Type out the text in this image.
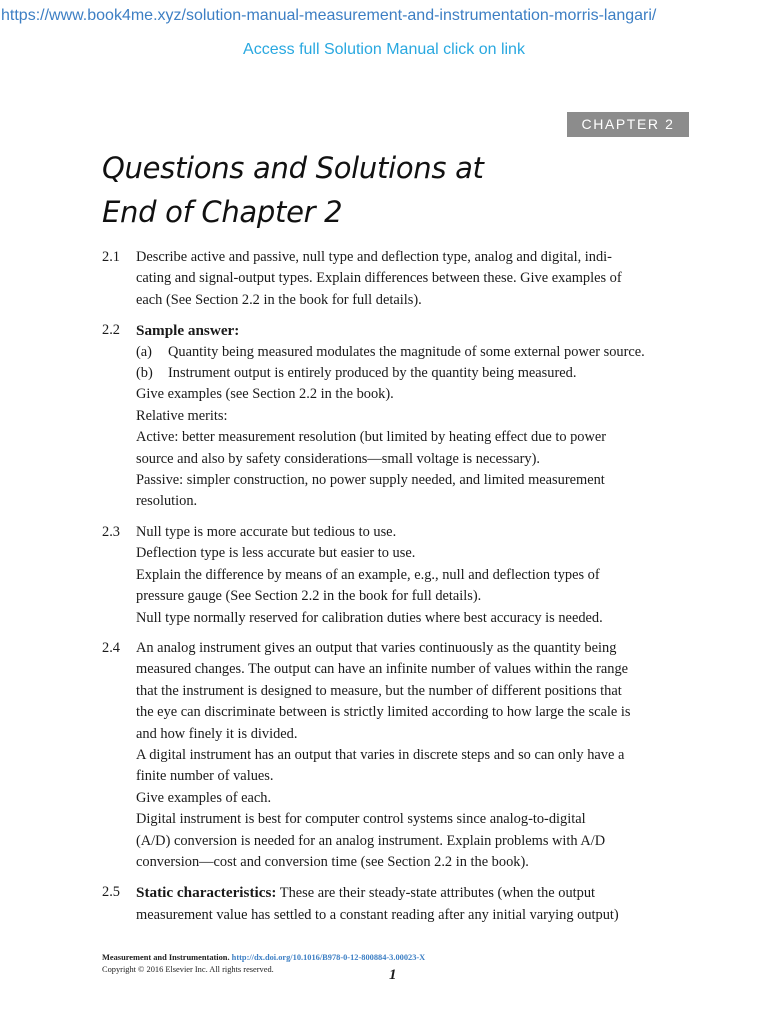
https://www.book4me.xyz/solution-manual-measurement-and-instrumentation-morris-langari/
Access full Solution Manual click on link
CHAPTER 2
Questions and Solutions at
End of Chapter 2
2.1 Describe active and passive, null type and deflection type, analog and digital, indi-
cating and signal-output types. Explain differences between these. Give examples of
each (See Section 2.2 in the book for full details).
2.2 Sample answer:
(a) Quantity being measured modulates the magnitude of some external power source.
(b) Instrument output is entirely produced by the quantity being measured.
Give examples (see Section 2.2 in the book).
Relative merits:
Active: better measurement resolution (but limited by heating effect due to power
source and also by safety considerations—small voltage is necessary).
Passive: simpler construction, no power supply needed, and limited measurement
resolution.
2.3 Null type is more accurate but tedious to use.
Deflection type is less accurate but easier to use.
Explain the difference by means of an example, e.g., null and deflection types of
pressure gauge (See Section 2.2 in the book for full details).
Null type normally reserved for calibration duties where best accuracy is needed.
2.4 An analog instrument gives an output that varies continuously as the quantity being
measured changes. The output can have an infinite number of values within the range
that the instrument is designed to measure, but the number of different positions that
the eye can discriminate between is strictly limited according to how large the scale is
and how finely it is divided.
A digital instrument has an output that varies in discrete steps and so can only have a
finite number of values.
Give examples of each.
Digital instrument is best for computer control systems since analog-to-digital
(A/D) conversion is needed for an analog instrument. Explain problems with A/D
conversion—cost and conversion time (see Section 2.2 in the book).
2.5 Static characteristics: These are their steady-state attributes (when the output
measurement value has settled to a constant reading after any initial varying output)
Measurement and Instrumentation. http://dx.doi.org/10.1016/B978-0-12-800884-3.00023-X
Copyright © 2016 Elsevier Inc. All rights reserved.	1
